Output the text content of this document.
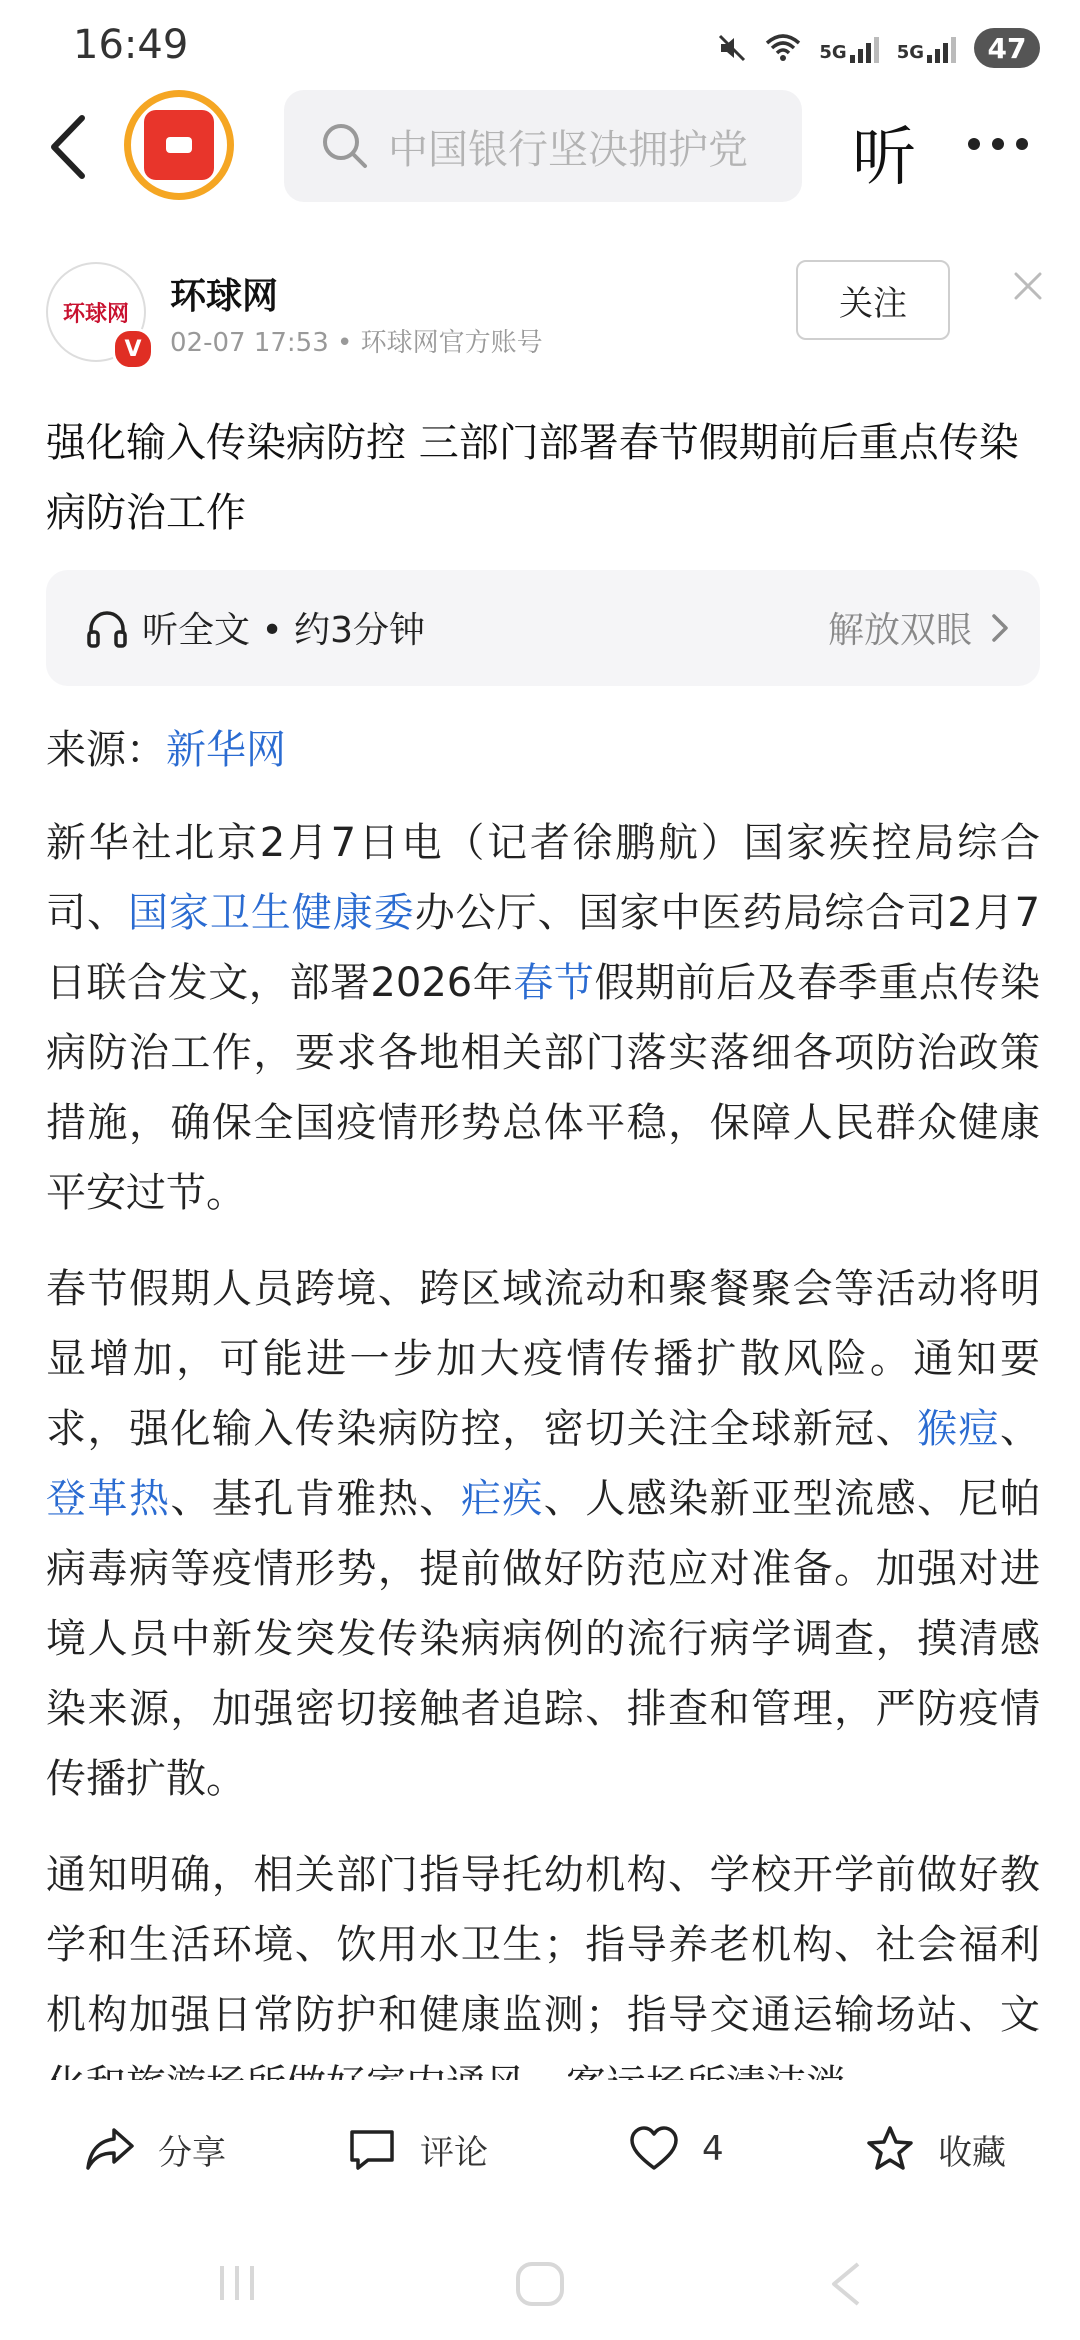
16:49	5G	5G	47
中国银行坚决拥护党 听
环球网
V
环球网
02-07 17:53 • 环球网官方账号
关注
强化输入传染病防控 三部门部署春节假期前后重点传染病防治工作
听全文 • 约3分钟	解放双眼
来源：新华网

新华社北京2月7日电（记者徐鹏航）国家疾控局综合司、国家卫生健康委办公厅、国家中医药局综合司2月7日联合发文，部署2026年春节假期前后及春季重点传染病防治工作，要求各地相关部门落实落细各项防治政策措施，确保全国疫情形势总体平稳，保障人民群众健康平安过节。

春节假期人员跨境、跨区域流动和聚餐聚会等活动将明显增加，可能进一步加大疫情传播扩散风险。通知要求，强化输入传染病防控，密切关注全球新冠、猴痘、登革热、基孔肯雅热、疟疾、人感染新亚型流感、尼帕病毒病等疫情形势，提前做好防范应对准备。加强对进境人员中新发突发传染病病例的流行病学调查，摸清感染来源，加强密切接触者追踪、排查和管理，严防疫情传播扩散。

通知明确，相关部门指导托幼机构、学校开学前做好教学和生活环境、饮用水卫生；指导养老机构、社会福利机构加强日常防护和健康监测；指导交通运输场站、文

分享	评论	4	收藏
